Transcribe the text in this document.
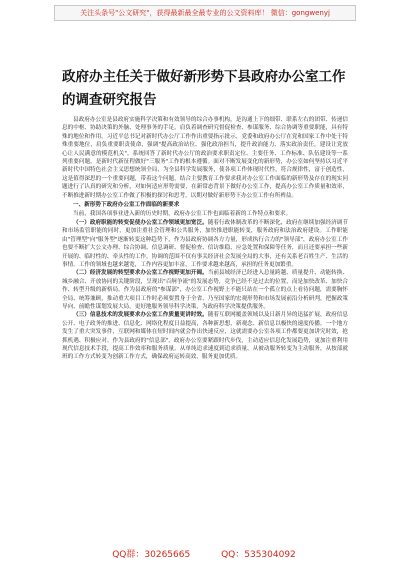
关注头条号"公文研究"，获得最新最全最专业的公文资料库！ 微信：gongwenyj
政府办主任关于做好新形势下县政府办公室工作的调查研究报告

县政府办公室是县政府实施科学决策和有效领导的综合办事机构，是沟通上下的细带、联系左右的团带、传递信息的中枢、协助决策的外脑、处理事务的手足，肩负着调查研究督促检查、参谋服务、综合协调等重要职能，具有特殊的地位和作用。习近平总书记对新时代办公厅工作作出重要指示批示，党委和政府办公厅在党和国家工作中处于特殊重要地位，肩负重要职责使命，强调"提高政治站位、强化政治担当，提升政治能力、落实政治责任，建设让党放心让人民满意的模范机关"。系统回答了新时代办公厅的政治要求职责定位、主要任务、工作标准、队伍建设等一系列重要问题，是新时代新征程做好"三服务"工作的根本遵循。面对不断发展变化的新形势，办公室如何坚持以习近平新时代中国特色社会主义思想统领全局，为全县科学发展服务，使各项工作体现时代性，符合规律性，富于创造性，这是值得深思的一个重要问题，带着这个问题，结合主要教育工作要求我对办公室工作面临的新形势及存在的现实问题进行了认真的研究和分析，对如何适应形势需要，在新常态背景下做好办公室工作，提高办公室工作质量和效率，不断推进新时期办公室工作做了积极的探讨和思考，以期对做好新形势下办公室工作有所裨益。

一、新形势下政府办公室工作面临的新要求

当前，我国各项事业进入新的历史时期，政府办公室工作也面临着新的工作特点和要求。

（一）政府职能的转变促使办公室工作领域更加宽泛。随着行政体制改革的不断深化，政府在继续加强经济调节和市场监管职能的同时，更加注重社会管理和公共服务，加快推进职能转变，服务政府和法治政府建设。工作职能由"管理型"向"服务型"逐渐转变这种趋势下，作为县政府协调各方力量，形成执行合力的"领导部"，政府办公室工作也要不断扩大公文办理、综合协调、信息调研、督促检查、信访维稳、应急处置和保障等任务，而且还要承担一些新开展的、临时性的、牵头性的工作，协调的范围不仅有事关经济社会发展全局的大事，还有关系老百姓生产、生活的事情。工作的领域也越来越宽，工作内容更加丰富，工作要求越来越高，承担的任务更加繁重。

（二）经济发展的转型要求办公室工作视野更加开阔。当前县域经济已经进入总量跨越、质量提升、动能转换、城乡融合、开放协同的关键阶段，呈现出"百舸争流"的发展态势，竞争已经不是过去的位置，而是加快改革、加快合作、转型升级的新格局。作为县政府的"参谋部"，办公室工作视野上不能只站在一个孤立的点上看待问题，需要胸怀全局、统筹兼顾，推动重大项目工作时必须要置身于全省、乃至国家的宏观形势和市场发展前沿分析研判，把握政策导向、前瞻性谋划发展大局，更好地服务领导科学决策，为政府科学决策提供服务。

（三）信息技术的发展要求办公室工作质量更讲时效。随着互联网覆盖领域以及日新月异的迅猛扩展，政府信息公开、电子政务的推进、信息化、网络化程度日益提高，各种新思想、新观念、新信息以极快的速度传播。一个地方发生了重大突发事件，互联网和媒体在短时间内就会作出快速反应，这就需要办公室各项工作都要更加讲究时效，抢抓机遇、积极应对。作为县政府的"信息部"，政府办公室要紧跟时代步伐，主动适应信息化发展趋势，更加注重利用现代信息技术手段，提高工作效率和服务质量。从单纯追求速度到追求质量、从被动服务转变为主动服务，从按部就班的工作方式转变为创新工作方式，确保政府运转高效，服务更加优质。

QQ群：30265665	QQ：535304092
